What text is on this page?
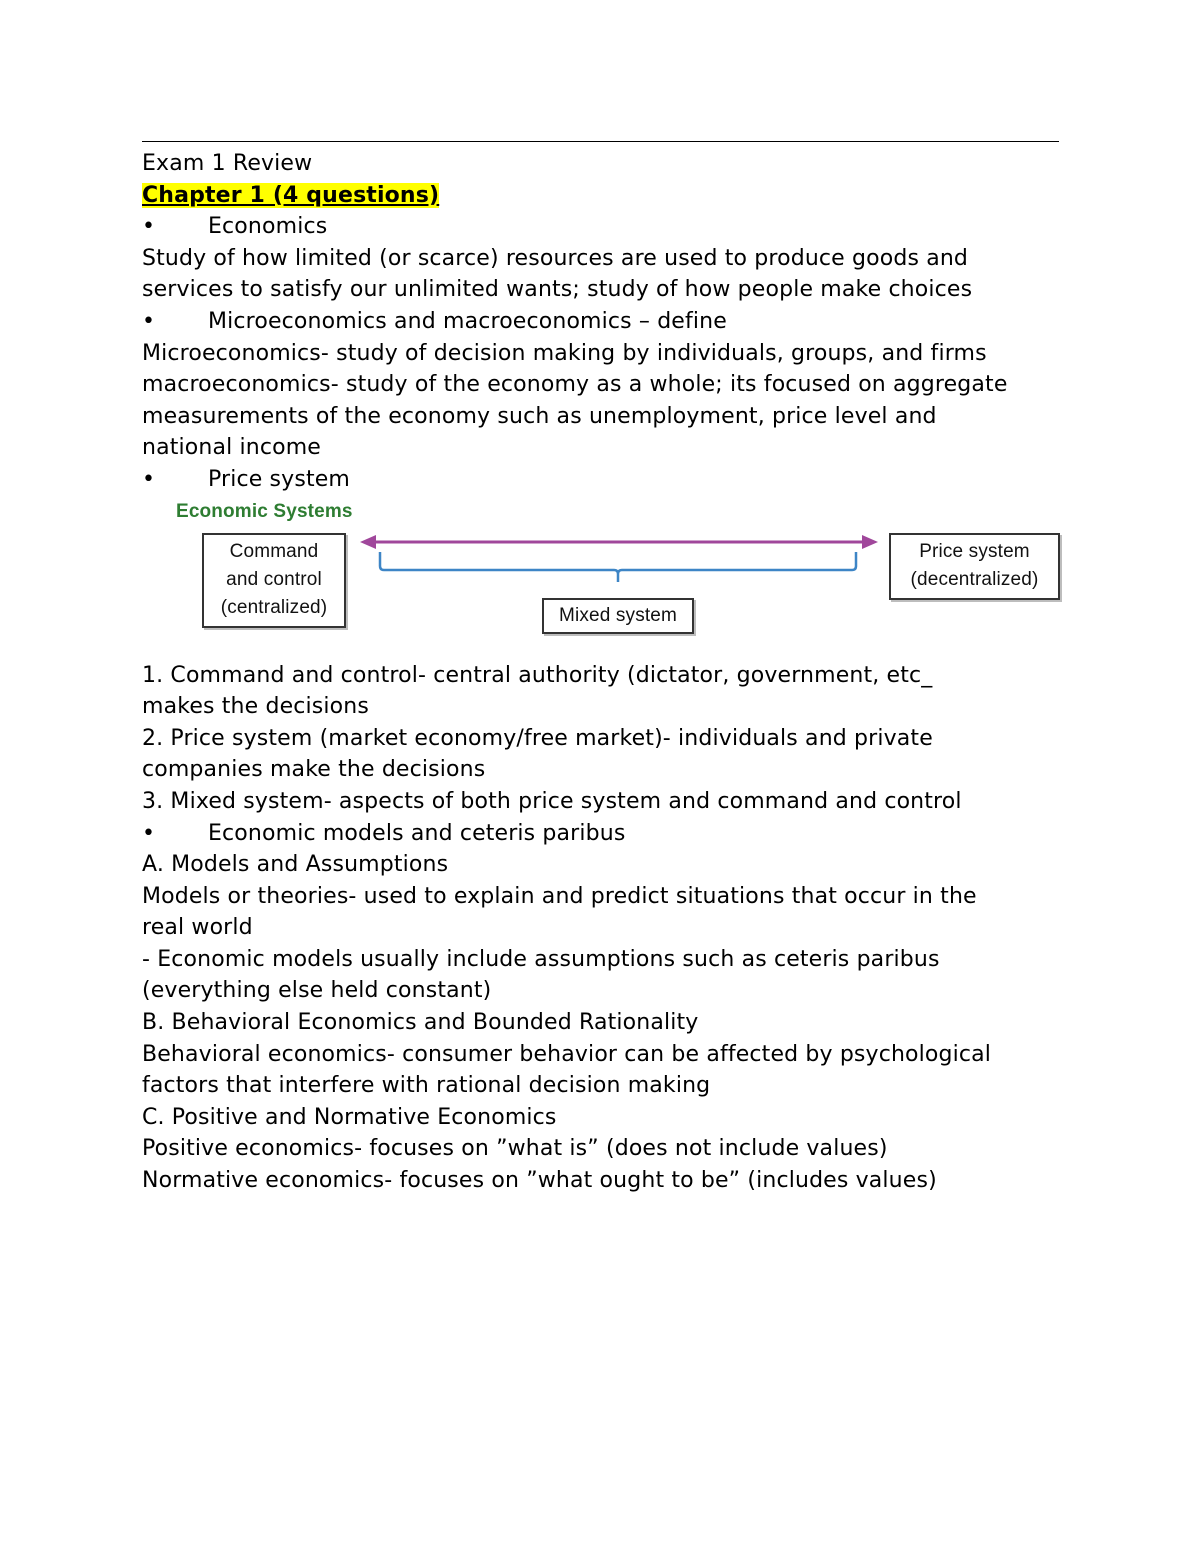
Exam 1 Review
Chapter 1 (4 questions)
•	Economics
Study of how limited (or scarce) resources are used to produce goods and
services to satisfy our unlimited wants; study of how people make choices
•	Microeconomics and macroeconomics – define
Microeconomics- study of decision making by individuals, groups, and firms
macroeconomics- study of the economy as a whole; its focused on aggregate
measurements of the economy such as unemployment, price level and
national income
•	Price system
Economic Systems
Command
and control
(centralized)
Price system
(decentralized)
Mixed system
1. Command and control- central authority (dictator, government, etc_
makes the decisions
2. Price system (market economy/free market)- individuals and private
companies make the decisions
3. Mixed system- aspects of both price system and command and control
•	Economic models and ceteris paribus
A. Models and Assumptions
Models or theories- used to explain and predict situations that occur in the
real world
- Economic models usually include assumptions such as ceteris paribus
(everything else held constant)
B. Behavioral Economics and Bounded Rationality
Behavioral economics- consumer behavior can be affected by psychological
factors that interfere with rational decision making
C. Positive and Normative Economics
Positive economics- focuses on ”what is” (does not include values)
Normative economics- focuses on ”what ought to be” (includes values)
